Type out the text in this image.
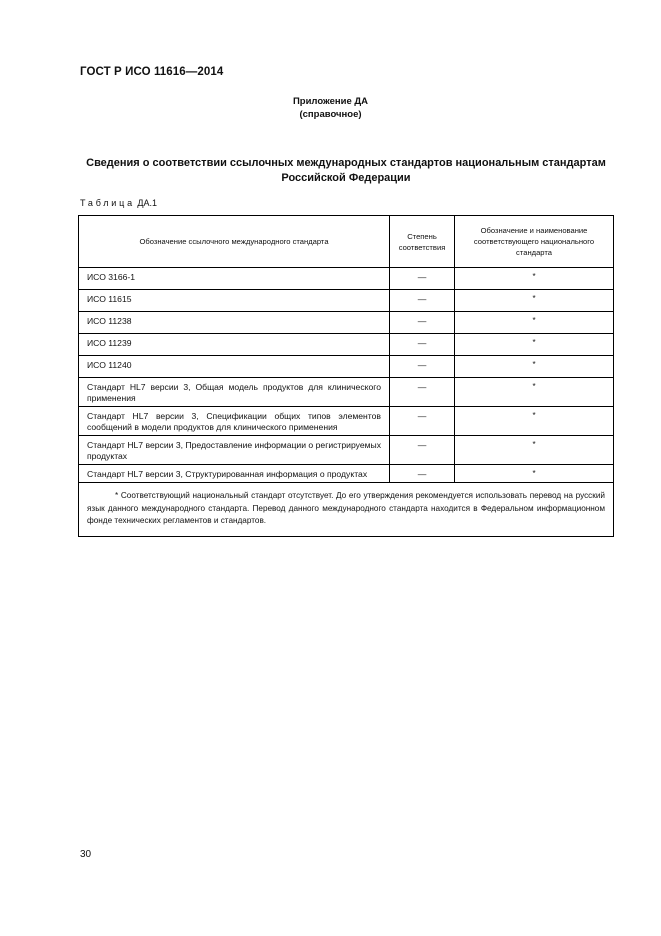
ГОСТ Р ИСО 11616—2014
Приложение ДА
(справочное)
Сведения о соответствии ссылочных международных стандартов национальным стандартам
Российской Федерации
Таблица ДА.1
Обозначение ссылочного международного стандарта	Степень соответствия	Обозначение и наименование соответствующего национального стандарта
ИСО 3166-1	—	*
ИСО 11615	—	*
ИСО 11238	—	*
ИСО 11239	—	*
ИСО 11240	—	*
Стандарт HL7 версии 3, Общая модель продуктов для клинического применения	—	*
Стандарт HL7 версии 3, Спецификации общих типов элементов сообщений в модели продуктов для клинического применения	—	*
Стандарт HL7 версии 3, Предоставление информации о регистрируемых продуктах	—	*
Стандарт HL7 версии 3, Структурированная информация о продуктах	—	*
* Соответствующий национальный стандарт отсутствует. До его утверждения рекомендуется использовать перевод на русский язык данного международного стандарта. Перевод данного международного стандарта находится в Федеральном информационном фонде технических регламентов и стандартов.		
30
